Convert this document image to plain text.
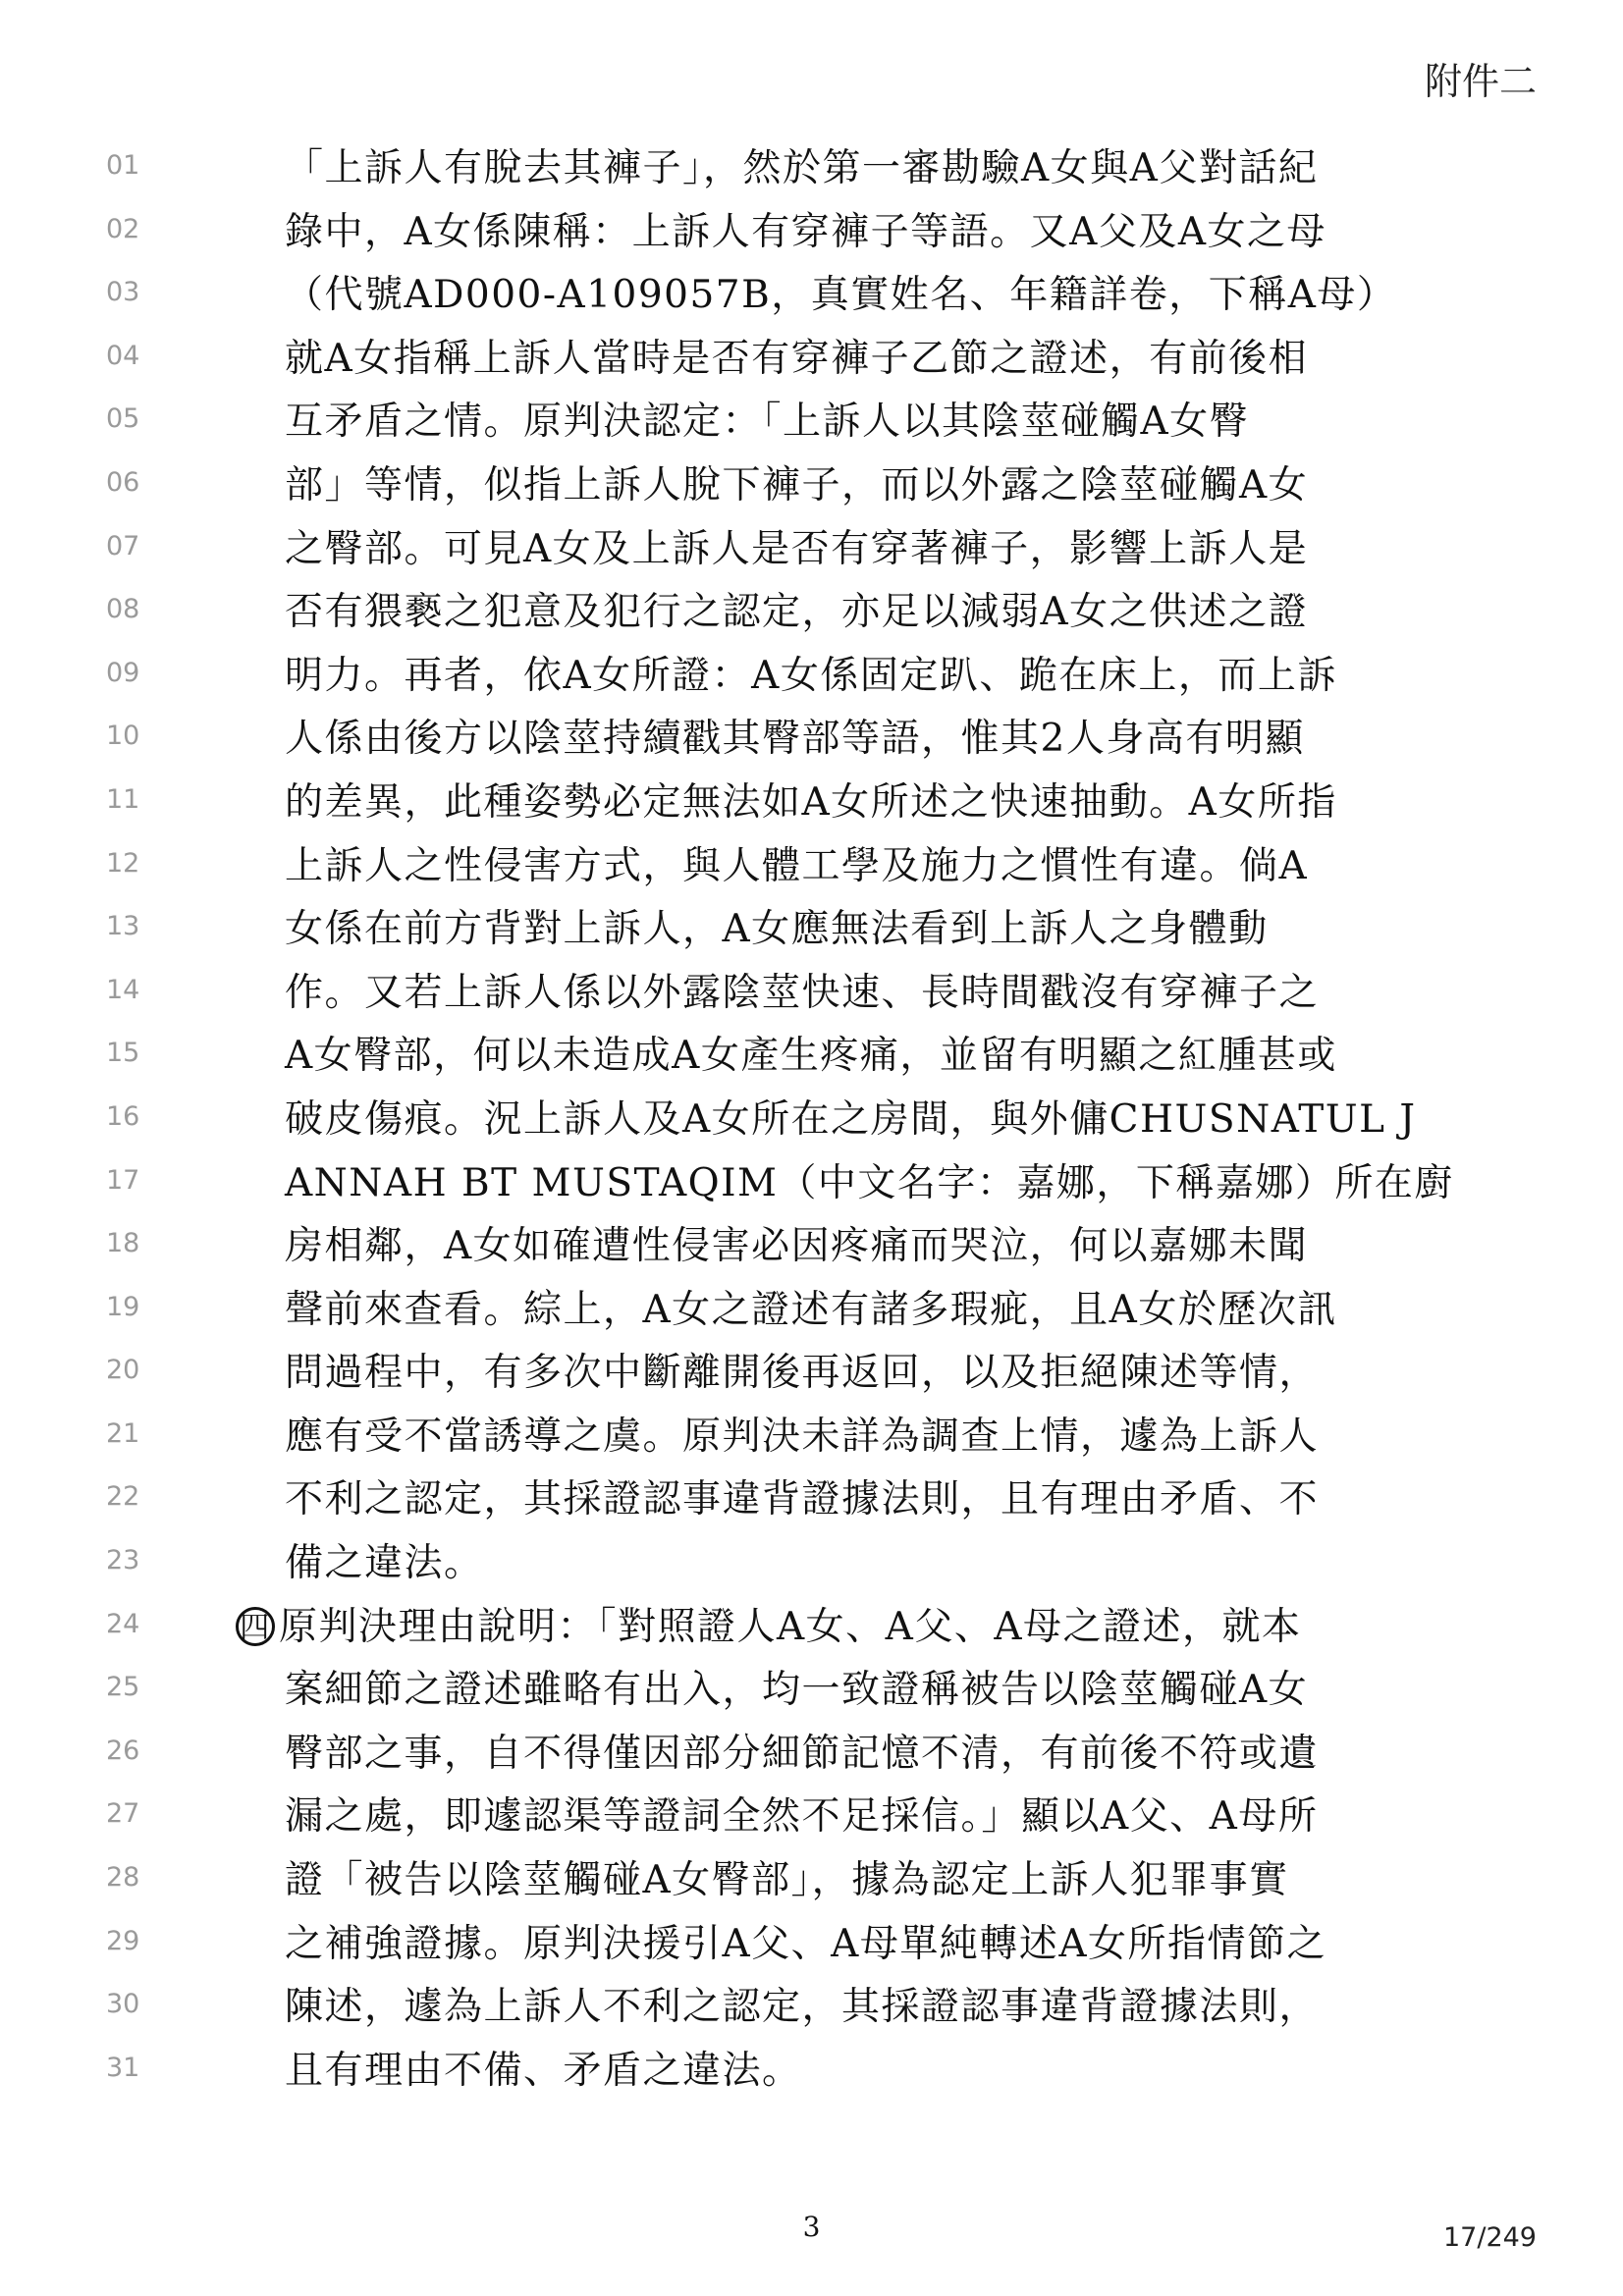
附件二
01	「上訴人有脫去其褲子」，然於第一審勘驗A女與A父對話紀
02	錄中，A女係陳稱：上訴人有穿褲子等語。又A父及A女之母
03	（代號AD000-A109057B，真實姓名、年籍詳卷，下稱A母）
04	就A女指稱上訴人當時是否有穿褲子乙節之證述，有前後相
05	互矛盾之情。原判決認定：「上訴人以其陰莖碰觸A女臀
06	部」等情，似指上訴人脫下褲子，而以外露之陰莖碰觸A女
07	之臀部。可見A女及上訴人是否有穿著褲子，影響上訴人是
08	否有猥褻之犯意及犯行之認定，亦足以減弱A女之供述之證
09	明力。再者，依A女所證：A女係固定趴、跪在床上，而上訴
10	人係由後方以陰莖持續戳其臀部等語，惟其2人身高有明顯
11	的差異，此種姿勢必定無法如A女所述之快速抽動。A女所指
12	上訴人之性侵害方式，與人體工學及施力之慣性有違。倘A
13	女係在前方背對上訴人，A女應無法看到上訴人之身體動
14	作。又若上訴人係以外露陰莖快速、長時間戳沒有穿褲子之
15	A女臀部，何以未造成A女產生疼痛，並留有明顯之紅腫甚或
16	破皮傷痕。況上訴人及A女所在之房間，與外傭CHUSNATUL J
17	ANNAH BT MUSTAQIM（中文名字：嘉娜，下稱嘉娜）所在廚
18	房相鄰，A女如確遭性侵害必因疼痛而哭泣，何以嘉娜未聞
19	聲前來查看。綜上，A女之證述有諸多瑕疵，且A女於歷次訊
20	問過程中，有多次中斷離開後再返回，以及拒絕陳述等情，
21	應有受不當誘導之虞。原判決未詳為調查上情，遽為上訴人
22	不利之認定，其採證認事違背證據法則，且有理由矛盾、不
23	備之違法。
24	四 原判決理由說明：「對照證人A女、A父、A母之證述，就本
25	案細節之證述雖略有出入，均一致證稱被告以陰莖觸碰A女
26	臀部之事，自不得僅因部分細節記憶不清，有前後不符或遺
27	漏之處，即遽認渠等證詞全然不足採信。」顯以A父、A母所
28	證「被告以陰莖觸碰A女臀部」，據為認定上訴人犯罪事實
29	之補強證據。原判決援引A父、A母單純轉述A女所指情節之
30	陳述，遽為上訴人不利之認定，其採證認事違背證據法則，
31	且有理由不備、矛盾之違法。
3	17/249
